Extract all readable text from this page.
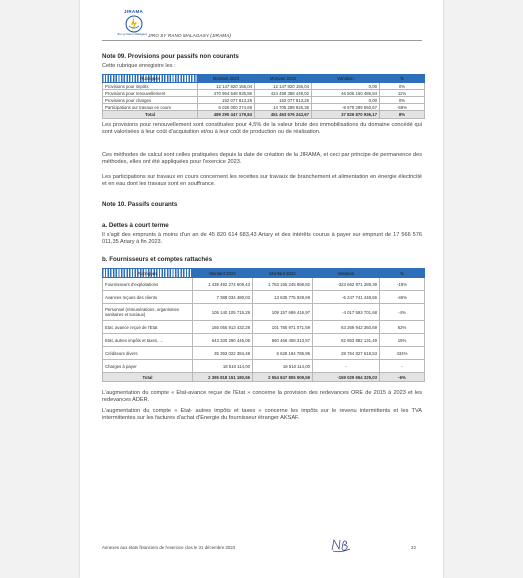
JIRAMA
Jiro sy Rano Malagasy JIRO SY RANO MALAGASY (JIRAMA)
Note 09. Provisions pour passifs non courants
Cette rubrique enregistre les :
Rubriques	Montant 2023	Montant 2022	Variation	%
Provisions pour impôts	12 147 820 156,04	12 147 820 156,04	0,00	0%
Provisions pour renouvellement	470 964 548 935,86	424 458 388 449,02	46 506 160 486,84	11%
Provisions pour charges	152 077 813,25	152 077 813,25	0,00	0%
Participations sur travaux en cours	6 026 000 274,69	14 705 289 825,36	-8 679 289 550,67	-59%
Total	489 290 447 179,84	451 463 576 243,67	37 826 870 936,17	8%
Les provisions pour renouvellement sont constituées pour 4,5% de la valeur brute des immobilisations du domaine concédé qui sont valorisées à leur coût d'acquisition et/ou à leur coût de production ou de réalisation.
Ces méthodes de calcul sont celles pratiquées depuis la date de création de la JIRAMA, et ceci par principe de permanence des méthodes, elles ont été appliquées pour l'exercice 2023.
Les participations sur travaux en cours concernent les recettes sur travaux de branchement et alimentation en énergie électricité et en eau dont les travaux sont en souffrance.
Note 10. Passifs courants
a. Dettes à court terme
Il s'agit des emprunts à moins d'un an de 45 820 614 683,43 Ariary et des intérêts courus à payer sur emprunt de 17 566 576 011,35 Ariary à fin 2023.
b. Fournisseurs et comptes rattachés
Rubriques	Montant 2023	Montant 2022	Variation	%
Fournisseurs d'exploitations	1 439 492 274 609,43	1 763 155 245 898,82	-323 662 971 289,39	-18%
Avances reçues des clients	7 388 034 480,03	13 635 775 928,69	-6 247 741 448,66	-46%
Personnel (rémunérations, organismes sanitaires et sociaux)	105 140 105 715,29	109 157 699 416,97	-4 017 593 701,68	-4%
Etat, avance reçue de l'Etat	165 055 913 432,28	101 785 971 071,59	63 269 942 360,69	62%
Etat, autres impôts et taxes, ...	643 330 290 445,06	560 466 408 313,57	82 863 882 131,49	15%
Créditeurs divers	35 393 022 384,48	6 628 194 785,95	28 764 827 618,53	434%
Charges à payer	18 510 114,00	18 510 114,00	-	-
Total	2 395 818 151 180,56	2 554 847 805 509,59	-159 029 654 329,03	-6%
L'augmentation du compte « Etat-avance reçue de l'Etat » concerne la provision des redevances ORE de 2015 à 2023 et les redevances ADER.
L'augmentation du compte « Etat- autres impôts et taxes » concerne les impôts sur le revenu intermittents et les TVA intermittentes sur les factures d'achat d'Energie du fournisseur étranger AKSAF.
Annexes aux états financiers de l'exercice clos le 31 décembre 2023	22
